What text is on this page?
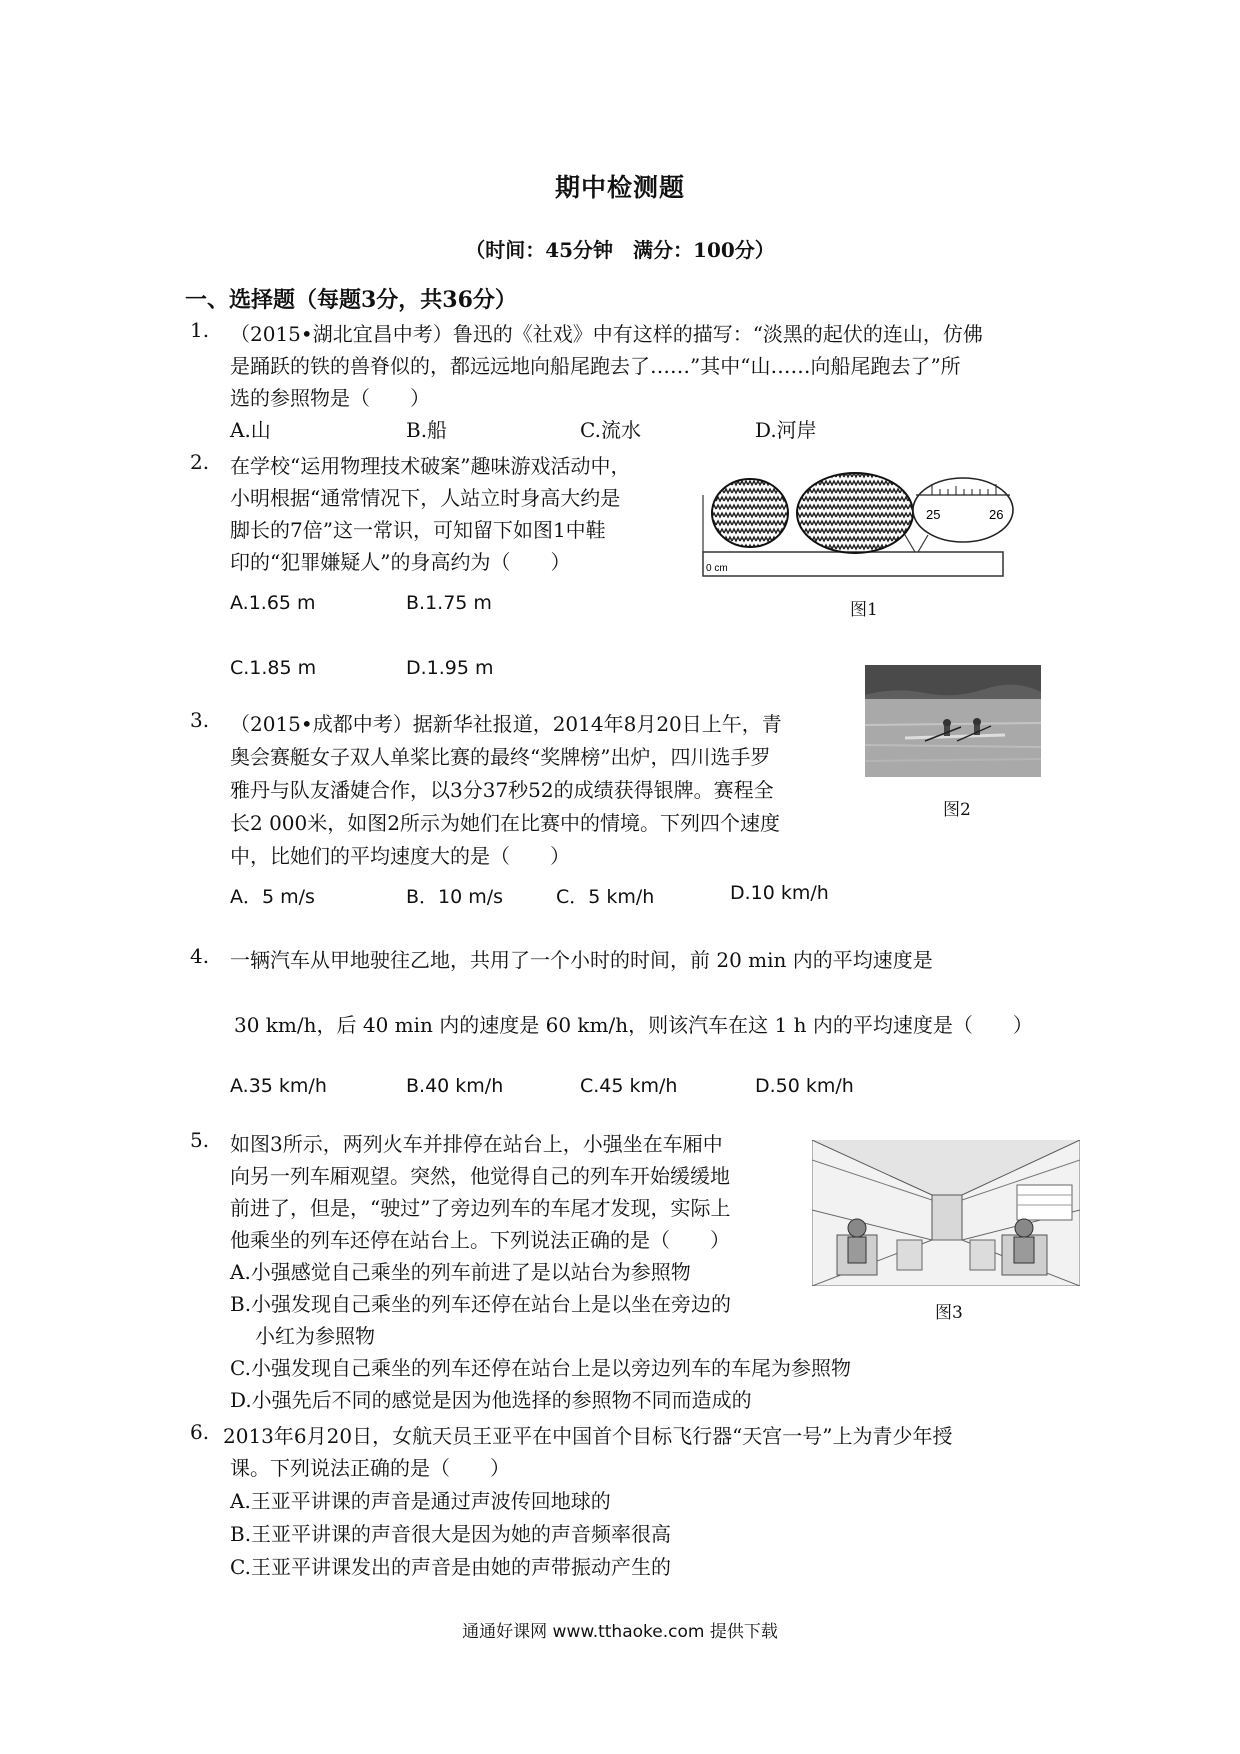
期中检测题
（时间：45分钟　满分：100分）
一、选择题（每题3分，共36分）
1. （2015•湖北宜昌中考）鲁迅的《社戏》中有这样的描写：“淡黑的起伏的连山，仿佛
是踊跃的铁的兽脊似的，都远远地向船尾跑去了……”其中“山……向船尾跑去了”所
选的参照物是（　　）
A.山	B.船	C.流水	D.河岸
2. 在学校“运用物理技术破案”趣味游戏活动中，
小明根据“通常情况下，人站立时身高大约是
脚长的7倍”这一常识，可知留下如图1中鞋
印的“犯罪嫌疑人”的身高约为（　　）
A.1.65 m	B.1.75 m
C.1.85 m	D.1.95 m
0 cm
25	26
图1
3. （2015•成都中考）据新华社报道，2014年8月20日上午，青
奥会赛艇女子双人单桨比赛的最终“奖牌榜”出炉，四川选手罗
雅丹与队友潘婕合作，以3分37秒52的成绩获得银牌。赛程全
长2 000米，如图2所示为她们在比赛中的情境。下列四个速度
中，比她们的平均速度大的是（　　）
A．5 m/s	B．10 m/s	C．5 km/h	D.10 km/h
图2
4. 一辆汽车从甲地驶往乙地，共用了一个小时的时间，前 20 min 内的平均速度是
30 km/h，后 40 min 内的速度是 60 km/h，则该汽车在这 1 h 内的平均速度是（　　）
A.35 km/h	B.40 km/h	C.45 km/h	D.50 km/h
5. 如图3所示，两列火车并排停在站台上，小强坐在车厢中
向另一列车厢观望。突然，他觉得自己的列车开始缓缓地
前进了，但是，“驶过”了旁边列车的车尾才发现，实际上
他乘坐的列车还停在站台上。下列说法正确的是（　　）
A.小强感觉自己乘坐的列车前进了是以站台为参照物
B.小强发现自己乘坐的列车还停在站台上是以坐在旁边的
小红为参照物
C.小强发现自己乘坐的列车还停在站台上是以旁边列车的车尾为参照物
D.小强先后不同的感觉是因为他选择的参照物不同而造成的
图3
6. 2013年6月20日，女航天员王亚平在中国首个目标飞行器“天宫一号”上为青少年授
课。下列说法正确的是（　　）
A.王亚平讲课的声音是通过声波传回地球的
B.王亚平讲课的声音很大是因为她的声音频率很高
C.王亚平讲课发出的声音是由她的声带振动产生的
通通好课网 www.tthaoke.com 提供下载
